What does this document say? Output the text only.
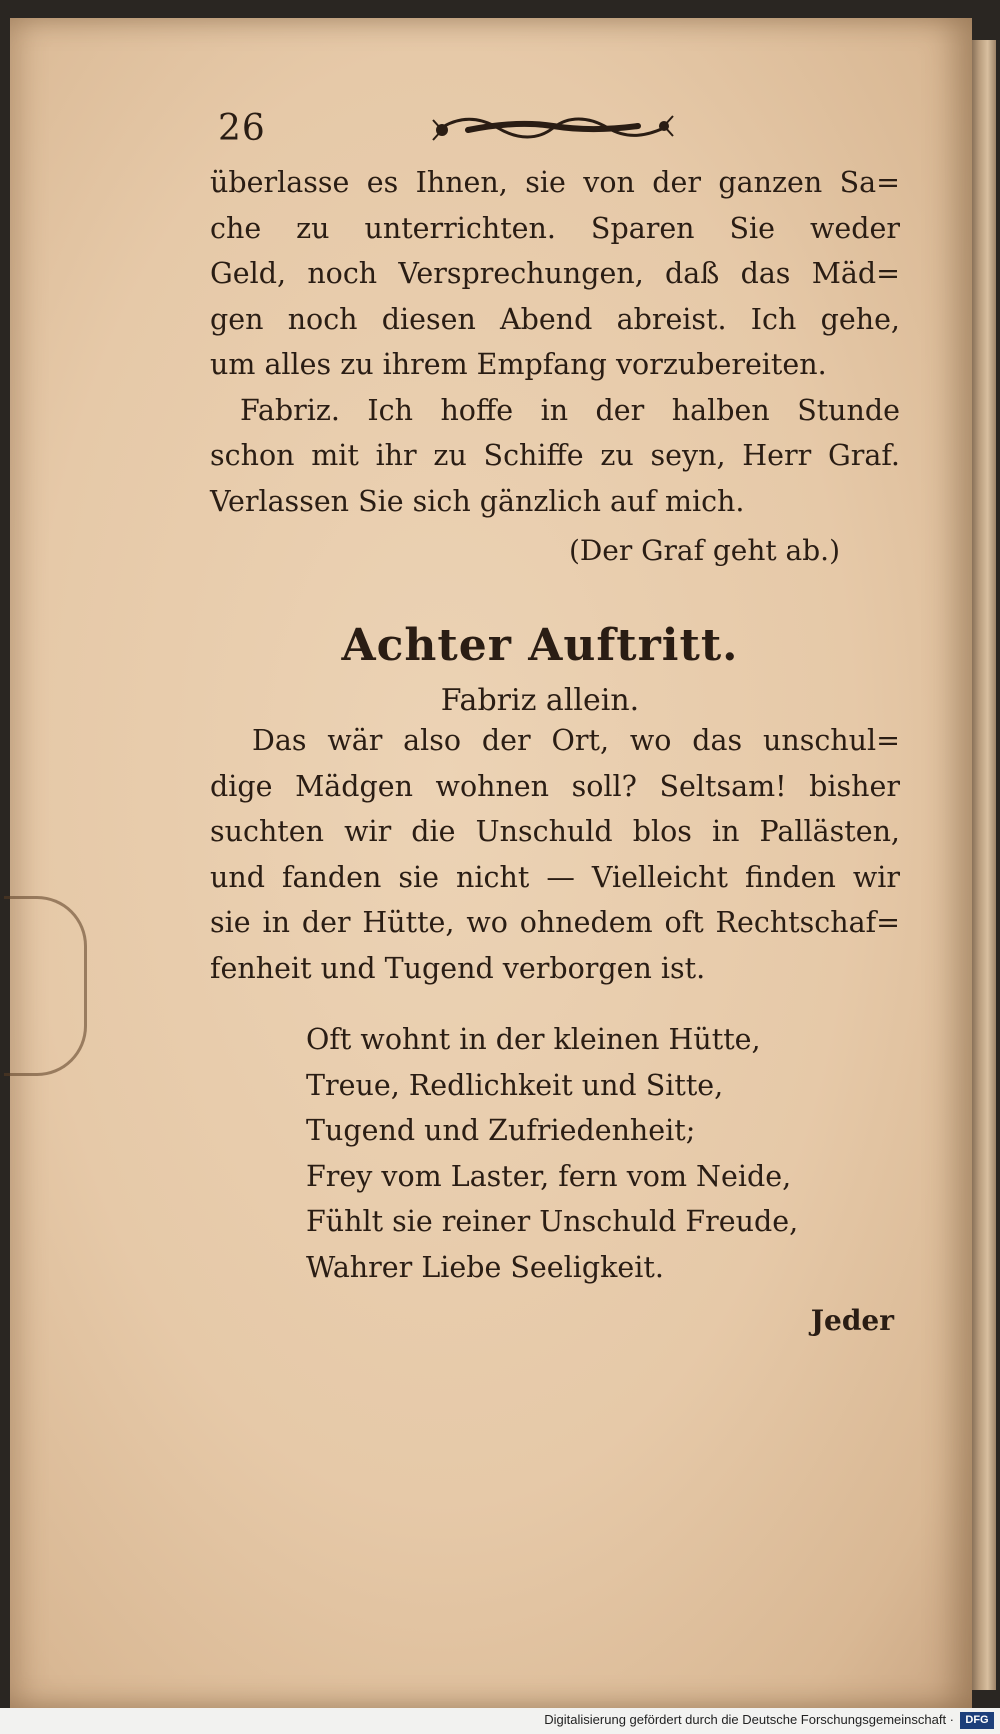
26

überlasse es Ihnen, sie von der ganzen Sa=
che zu unterrichten. Sparen Sie weder
Geld, noch Versprechungen, daß das Mäd=
gen noch diesen Abend abreist. Ich gehe,
um alles zu ihrem Empfang vorzubereiten.

Fabriz. Ich hoffe in der halben Stunde
schon mit ihr zu Schiffe zu seyn, Herr Graf.
Verlassen Sie sich gänzlich auf mich.

(Der Graf geht ab.)
Achter Auftritt.
Fabriz allein.

Das wär also der Ort, wo das unschul=
dige Mädgen wohnen soll? Seltsam! bisher
suchten wir die Unschuld blos in Pallästen,
und fanden sie nicht — Vielleicht finden wir
sie in der Hütte, wo ohnedem oft Rechtschaf=
fenheit und Tugend verborgen ist.

Oft wohnt in der kleinen Hütte,
Treue, Redlichkeit und Sitte,
Tugend und Zufriedenheit;
Frey vom Laster, fern vom Neide,
Fühlt sie reiner Unschuld Freude,
Wahrer Liebe Seeligkeit.
Jeder
Digitalisierung gefördert durch die Deutsche Forschungsgemeinschaft ·	DFG
